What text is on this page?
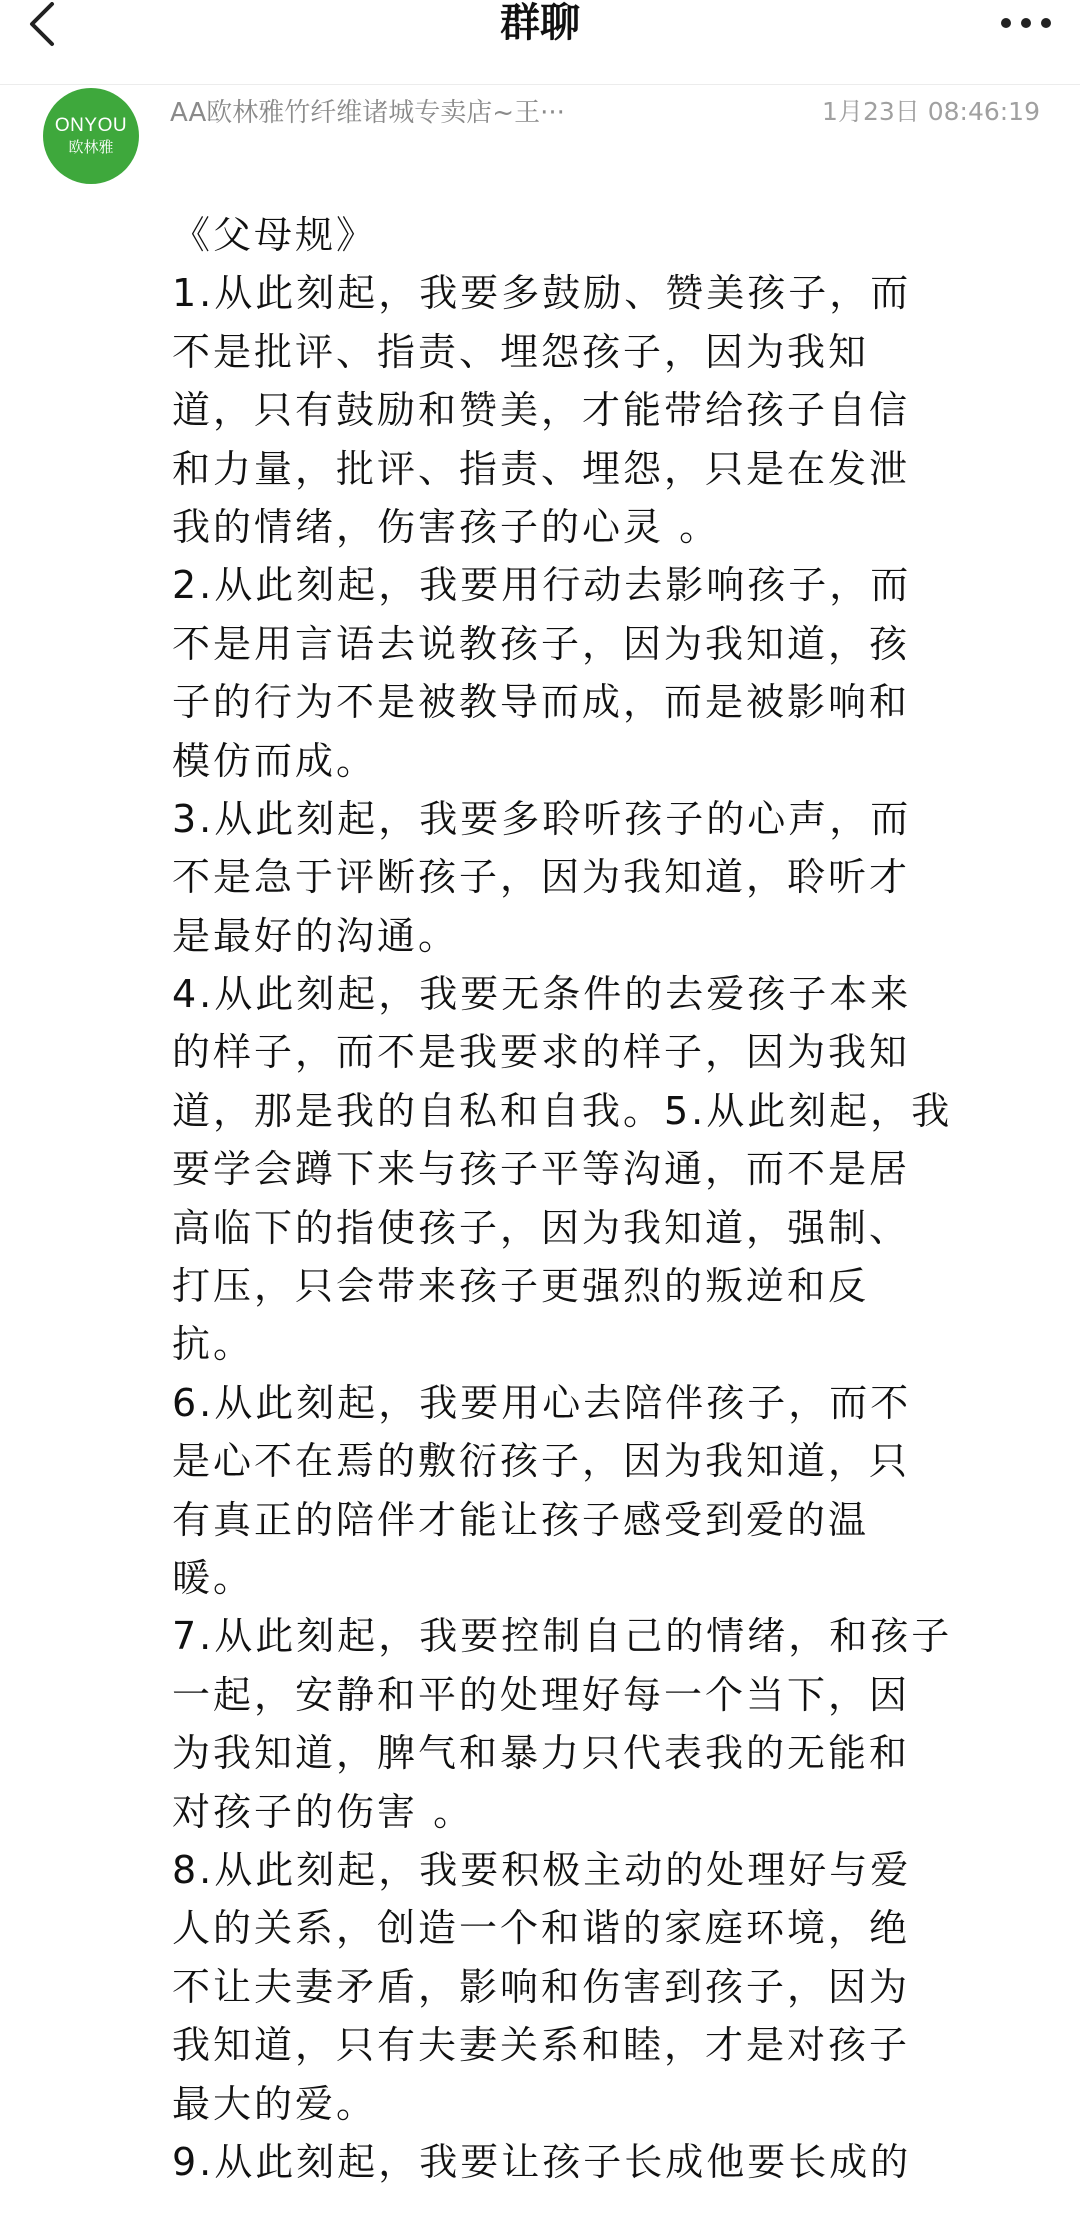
群聊
ONYOU
欧林雅
AA欧林雅竹纤维诸城专卖店~王···	1月23日 08:46:19
《父母规》
1.从此刻起，我要多鼓励、赞美孩子，而
不是批评、指责、埋怨孩子，因为我知
道，只有鼓励和赞美，才能带给孩子自信
和力量，批评、指责、埋怨，只是在发泄
我的情绪，伤害孩子的心灵 。
2.从此刻起，我要用行动去影响孩子，而
不是用言语去说教孩子，因为我知道，孩
子的行为不是被教导而成，而是被影响和
模仿而成。
3.从此刻起，我要多聆听孩子的心声，而
不是急于评断孩子，因为我知道，聆听才
是最好的沟通。
4.从此刻起，我要无条件的去爱孩子本来
的样子，而不是我要求的样子，因为我知
道，那是我的自私和自我。5.从此刻起，我
要学会蹲下来与孩子平等沟通，而不是居
高临下的指使孩子，因为我知道，强制、
打压，只会带来孩子更强烈的叛逆和反
抗。
6.从此刻起，我要用心去陪伴孩子，而不
是心不在焉的敷衍孩子，因为我知道，只
有真正的陪伴才能让孩子感受到爱的温
暖。
7.从此刻起，我要控制自己的情绪，和孩子
一起，安静和平的处理好每一个当下，因
为我知道，脾气和暴力只代表我的无能和
对孩子的伤害 。
8.从此刻起，我要积极主动的处理好与爱
人的关系，创造一个和谐的家庭环境，绝
不让夫妻矛盾，影响和伤害到孩子，因为
我知道，只有夫妻关系和睦，才是对孩子
最大的爱。
9.从此刻起，我要让孩子长成他要长成的
